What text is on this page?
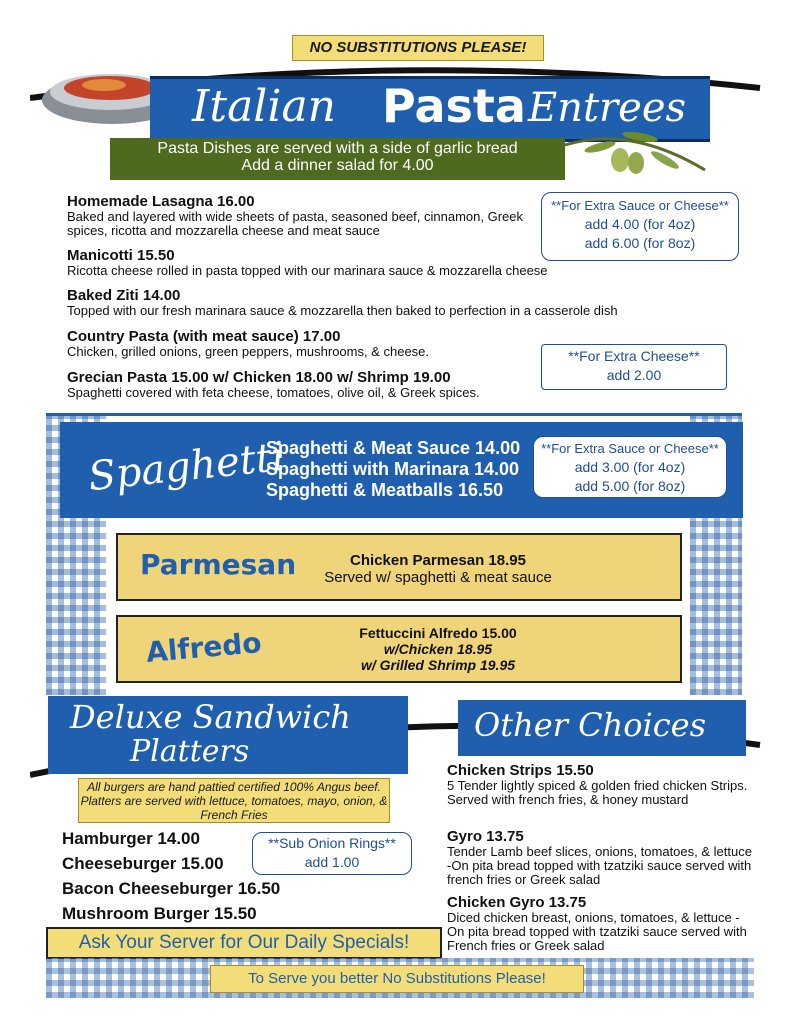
NO SUBSTITUTIONS PLEASE!
Italian Pasta Entrees
Pasta Dishes are served with a side of garlic bread
Add a dinner salad for 4.00
Homemade Lasagna 16.00
Baked and layered with wide sheets of pasta, seasoned beef, cinnamon, Greek spices, ricotta and mozzarella cheese and meat sauce
Manicotti 15.50
Ricotta cheese rolled in pasta topped with our marinara sauce & mozzarella cheese
Baked Ziti 14.00
Topped with our fresh marinara sauce & mozzarella then baked to perfection in a casserole dish
Country Pasta (with meat sauce) 17.00
Chicken, grilled onions, green peppers, mushrooms, & cheese.
Grecian Pasta 15.00 w/ Chicken 18.00 w/ Shrimp 19.00
Spaghetti covered with feta cheese, tomatoes, olive oil, & Greek spices.
**For Extra Sauce or Cheese**
add 4.00 (for 4oz)
add 6.00 (for 8oz)
**For Extra Cheese**
add 2.00
Spaghetti
Spaghetti & Meat Sauce 14.00
Spaghetti with Marinara 14.00
Spaghetti & Meatballs 16.50
**For Extra Sauce or Cheese**
add 3.00 (for 4oz)
add 5.00 (for 8oz)
Parmesan	Chicken Parmesan 18.95
Served w/ spaghetti & meat sauce
Alfredo	Fettuccini Alfredo 15.00
w/Chicken 18.95
w/ Grilled Shrimp 19.95
Deluxe Sandwich
Platters
Other Choices
All burgers are hand pattied certified 100% Angus beef. Platters are served with lettuce, tomatoes, mayo, onion, & French Fries
Hamburger 14.00
Cheeseburger 15.00
Bacon Cheeseburger 16.50
Mushroom Burger 15.50
**Sub Onion Rings**
add 1.00
Ask Your Server for Our Daily Specials!
Chicken Strips 15.50
5 Tender lightly spiced & golden fried chicken Strips. Served with french fries, & honey mustard
Gyro 13.75
Tender Lamb beef slices, onions, tomatoes, & lettuce -On pita bread topped with tzatziki sauce served with french fries or Greek salad
Chicken Gyro 13.75
Diced chicken breast, onions, tomatoes, & lettuce -On pita bread topped with tzatziki sauce served with French fries or Greek salad
To Serve you better No Substitutions Please!
